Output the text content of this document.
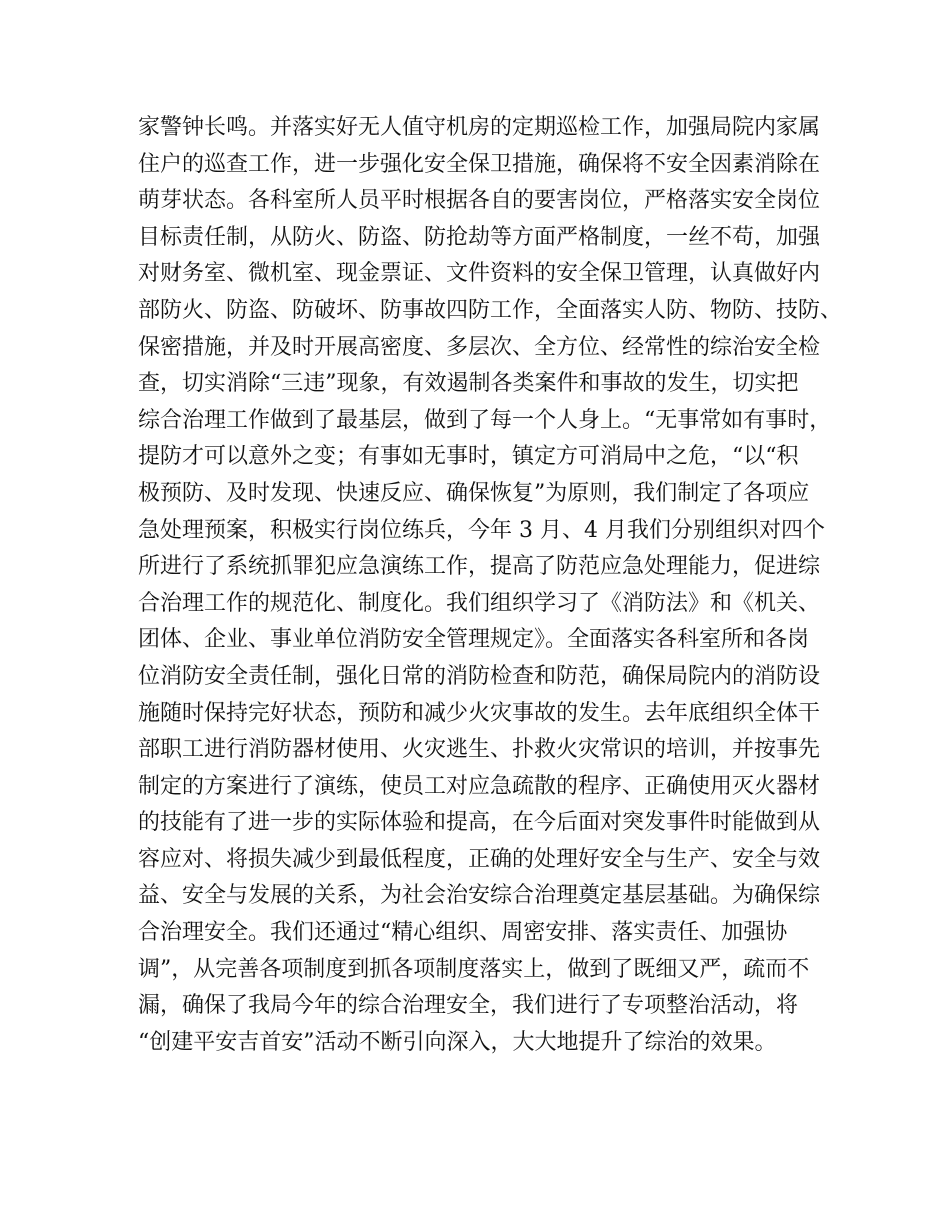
家警钟长鸣。并落实好无人值守机房的定期巡检工作，加强局院内家属
住户的巡查工作，进一步强化安全保卫措施，确保将不安全因素消除在
萌芽状态。各科室所人员平时根据各自的要害岗位，严格落实安全岗位
目标责任制，从防火、防盗、防抢劫等方面严格制度，一丝不苟，加强
对财务室、微机室、现金票证、文件资料的安全保卫管理，认真做好内
部防火、防盗、防破坏、防事故四防工作，全面落实人防、物防、技防、
保密措施，并及时开展高密度、多层次、全方位、经常性的综治安全检
查，切实消除“三违”现象，有效遏制各类案件和事故的发生，切实把
综合治理工作做到了最基层，做到了每一个人身上。“无事常如有事时，
提防才可以意外之变；有事如无事时，镇定方可消局中之危，“以“积
极预防、及时发现、快速反应、确保恢复”为原则，我们制定了各项应
急处理预案，积极实行岗位练兵，今年 3 月、4 月我们分别组织对四个
所进行了系统抓罪犯应急演练工作，提高了防范应急处理能力，促进综
合治理工作的规范化、制度化。我们组织学习了《消防法》和《机关、
团体、企业、事业单位消防安全管理规定》。全面落实各科室所和各岗
位消防安全责任制，强化日常的消防检查和防范，确保局院内的消防设
施随时保持完好状态，预防和减少火灾事故的发生。去年底组织全体干
部职工进行消防器材使用、火灾逃生、扑救火灾常识的培训，并按事先
制定的方案进行了演练，使员工对应急疏散的程序、正确使用灭火器材
的技能有了进一步的实际体验和提高，在今后面对突发事件时能做到从
容应对、将损失减少到最低程度，正确的处理好安全与生产、安全与效
益、安全与发展的关系，为社会治安综合治理奠定基层基础。为确保综
合治理安全。我们还通过“精心组织、周密安排、落实责任、加强协
调”，从完善各项制度到抓各项制度落实上，做到了既细又严，疏而不
漏，确保了我局今年的综合治理安全，我们进行了专项整治活动，将
“创建平安吉首安”活动不断引向深入，大大地提升了综治的效果。
